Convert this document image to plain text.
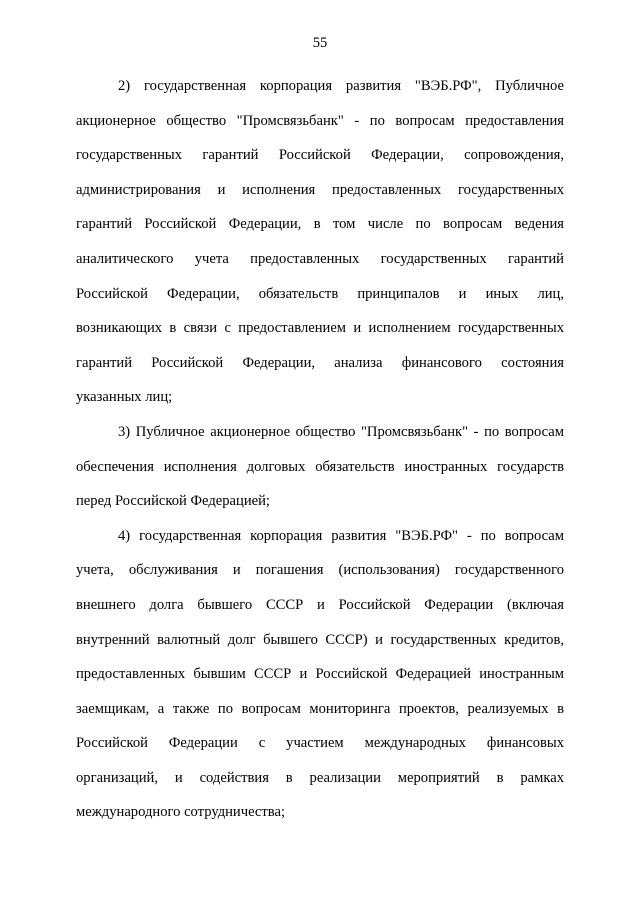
55
2) государственная корпорация развития "ВЭБ.РФ", Публичное
акционерное общество "Промсвязьбанк" - по вопросам предоставления
государственных гарантий Российской Федерации, сопровождения,
администрирования и исполнения предоставленных государственных
гарантий Российской Федерации, в том числе по вопросам ведения
аналитического учета предоставленных государственных гарантий
Российской Федерации, обязательств принципалов и иных лиц,
возникающих в связи с предоставлением и исполнением государственных
гарантий Российской Федерации, анализа финансового состояния
указанных лиц;
3) Публичное акционерное общество "Промсвязьбанк" - по вопросам
обеспечения исполнения долговых обязательств иностранных государств
перед Российской Федерацией;
4) государственная корпорация развития "ВЭБ.РФ" - по вопросам
учета, обслуживания и погашения (использования) государственного
внешнего долга бывшего СССР и Российской Федерации (включая
внутренний валютный долг бывшего СССР) и государственных кредитов,
предоставленных бывшим СССР и Российской Федерацией иностранным
заемщикам, а также по вопросам мониторинга проектов, реализуемых в
Российской Федерации с участием международных финансовых
организаций, и содействия в реализации мероприятий в рамках
международного сотрудничества;
